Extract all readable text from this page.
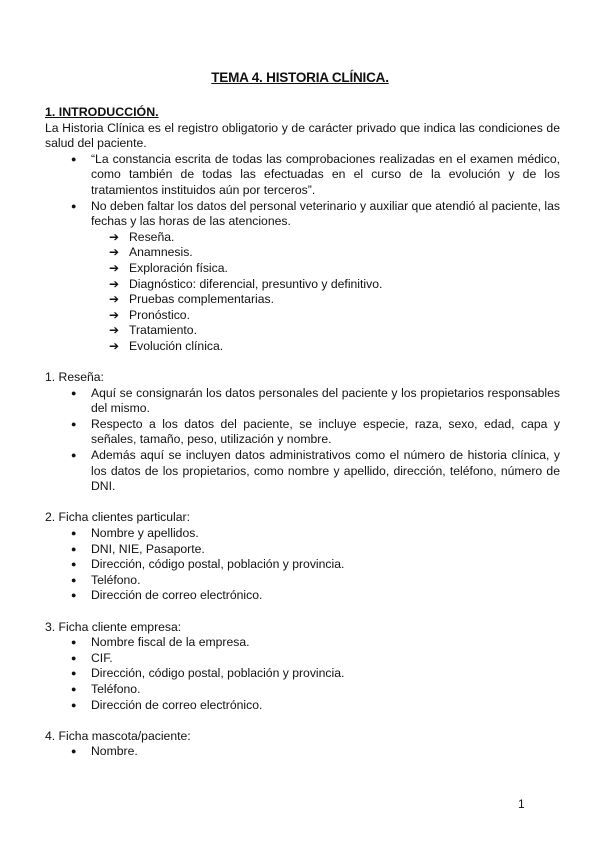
TEMA 4. HISTORIA CLÍNICA.
1. INTRODUCCIÓN.
La Historia Clínica es el registro obligatorio y de carácter privado que indica las condiciones de salud del paciente.
● “La constancia escrita de todas las comprobaciones realizadas en el examen médico, como también de todas las efectuadas en el curso de la evolución y de los tratamientos instituidos aún por terceros”.
● No deben faltar los datos del personal veterinario y auxiliar que atendió al paciente, las fechas y las horas de las atenciones.
➔ Reseña.
➔ Anamnesis.
➔ Exploración física.
➔ Diagnóstico: diferencial, presuntivo y definitivo.
➔ Pruebas complementarias.
➔ Pronóstico.
➔ Tratamiento.
➔ Evolución clínica.
1. Reseña:
● Aquí se consignarán los datos personales del paciente y los propietarios responsables del mismo.
● Respecto a los datos del paciente, se incluye especie, raza, sexo, edad, capa y señales, tamaño, peso, utilización y nombre.
● Además aquí se incluyen datos administrativos como el número de historia clínica, y los datos de los propietarios, como nombre y apellido, dirección, teléfono, número de DNI.
2. Ficha clientes particular:
● Nombre y apellidos.
● DNI, NIE, Pasaporte.
● Dirección, código postal, población y provincia.
● Teléfono.
● Dirección de correo electrónico.
3. Ficha cliente empresa:
● Nombre fiscal de la empresa.
● CIF.
● Dirección, código postal, población y provincia.
● Teléfono.
● Dirección de correo electrónico.
4. Ficha mascota/paciente:
● Nombre.
1
